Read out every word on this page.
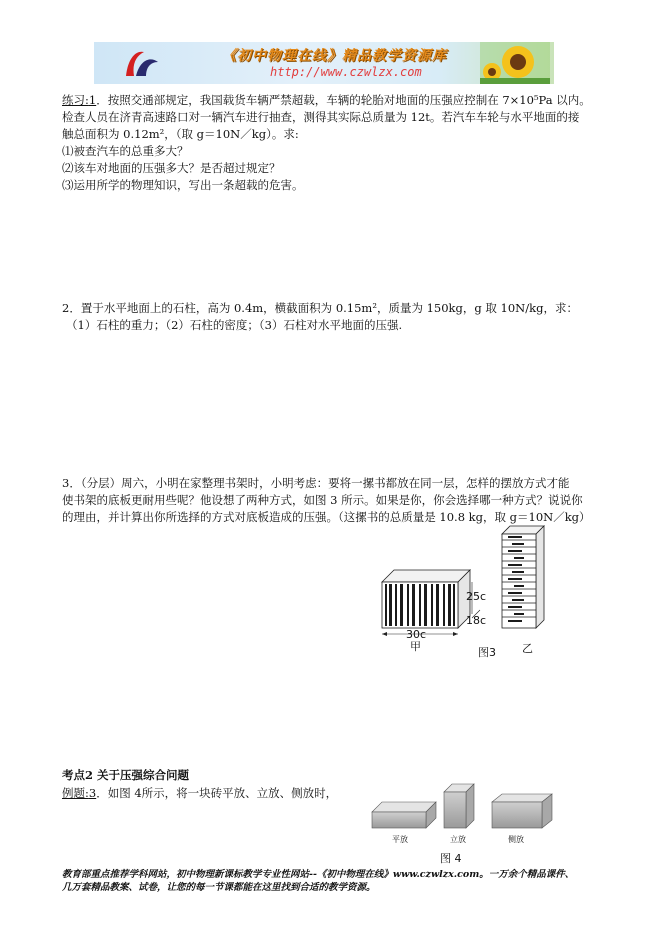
《初中物理在线》精品教学资源库
http://www.czwlzx.com
练习:1．按照交通部规定，我国载货车辆严禁超载，车辆的轮胎对地面的压强应控制在 7×10⁵Pa 以内。
检查人员在济青高速路口对一辆汽车进行抽查，测得其实际总质量为 12t。若汽车车轮与水平地面的接
触总面积为 0.12m²，（取 g＝10N／kg）。求:
⑴被查汽车的总重多大？
⑵该车对地面的压强多大？是否超过规定？
⑶运用所学的物理知识，写出一条超载的危害。
2．置于水平地面上的石柱，高为 0.4m，横截面积为 0.15m²，质量为 150kg，g 取 10N/kg，求：
（1）石柱的重力；（2）石柱的密度；（3）石柱对水平地面的压强.
3．（分层）周六，小明在家整理书架时，小明考虑：要将一摞书都放在同一层，怎样的摆放方式才能
使书架的底板更耐用些呢？他设想了两种方式，如图 3 所示。如果是你，你会选择哪一种方式？说说你
的理由，并计算出你所选择的方式对底板造成的压强。（这摞书的总质量是 10.8 kg，取 g＝10N／kg）
25c
18c
30c
甲	乙
图3
考点2 关于压强综合问题
例题:3．如图 4所示，将一块砖平放、立放、侧放时，
平放	立放	侧放
图 4
教育部重点推荐学科网站，初中物理新课标教学专业性网站--《初中物理在线》www.czwlzx.com。一万余个精品课件、
几万套精品教案、试卷，让您的每一节课都能在这里找到合适的教学资源。
